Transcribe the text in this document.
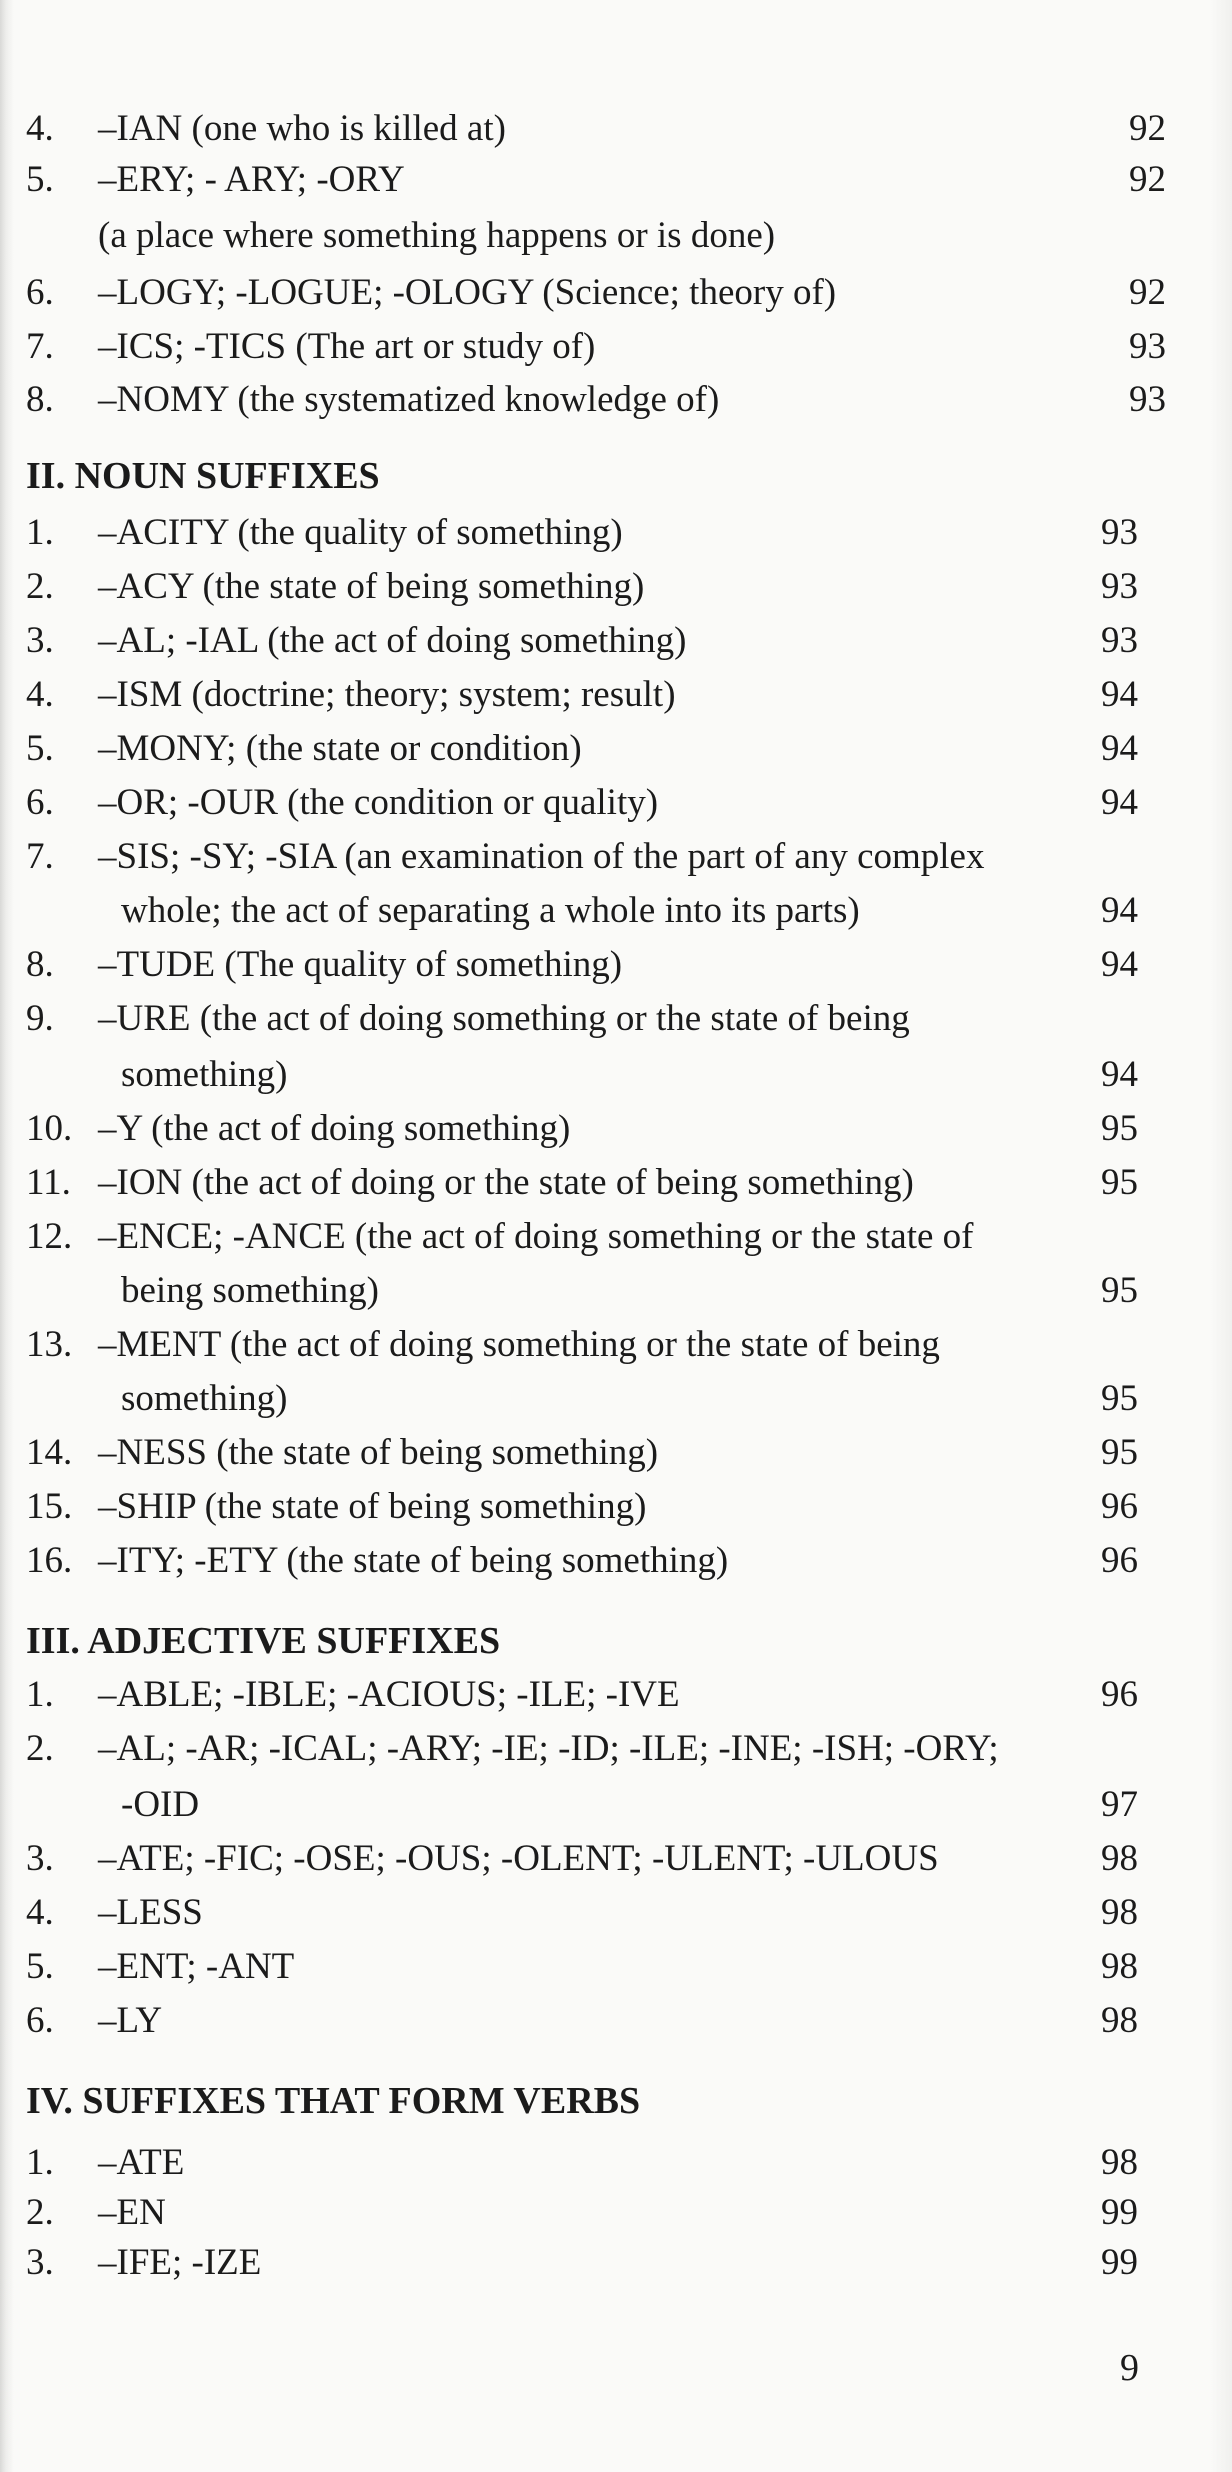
4. –IAN (one who is killed at)	92
5. –ERY; - ARY; -ORY	92
(a place where something happens or is done)
6. –LOGY; -LOGUE; -OLOGY (Science; theory of)	92
7. –ICS; -TICS (The art or study of)	93
8. –NOMY (the systematized knowledge of)	93
II. NOUN SUFFIXES
1. –ACITY (the quality of something)	93
2. –ACY (the state of being something)	93
3. –AL; -IAL (the act of doing something)	93
4. –ISM (doctrine; theory; system; result)	94
5. –MONY; (the state or condition)	94
6. –OR; -OUR (the condition or quality)	94
7. –SIS; -SY; -SIA (an examination of the part of any complex
whole; the act of separating a whole into its parts)	94
8. –TUDE (The quality of something)	94
9. –URE (the act of doing something or the state of being
something)	94
10. –Y (the act of doing something)	95
11. –ION (the act of doing or the state of being something)	95
12. –ENCE; -ANCE (the act of doing something or the state of
being something)	95
13. –MENT (the act of doing something or the state of being
something)	95
14. –NESS (the state of being something)	95
15. –SHIP (the state of being something)	96
16. –ITY; -ETY (the state of being something)	96
III. ADJECTIVE SUFFIXES
1. –ABLE; -IBLE; -ACIOUS; -ILE; -IVE	96
2. –AL; -AR; -ICAL; -ARY; -IE; -ID; -ILE; -INE; -ISH; -ORY;
-OID	97
3. –ATE; -FIC; -OSE; -OUS; -OLENT; -ULENT; -ULOUS	98
4. –LESS	98
5. –ENT; -ANT	98
6. –LY	98
IV. SUFFIXES THAT FORM VERBS
1. –ATE	98
2. –EN	99
3. –IFE; -IZE	99
9
